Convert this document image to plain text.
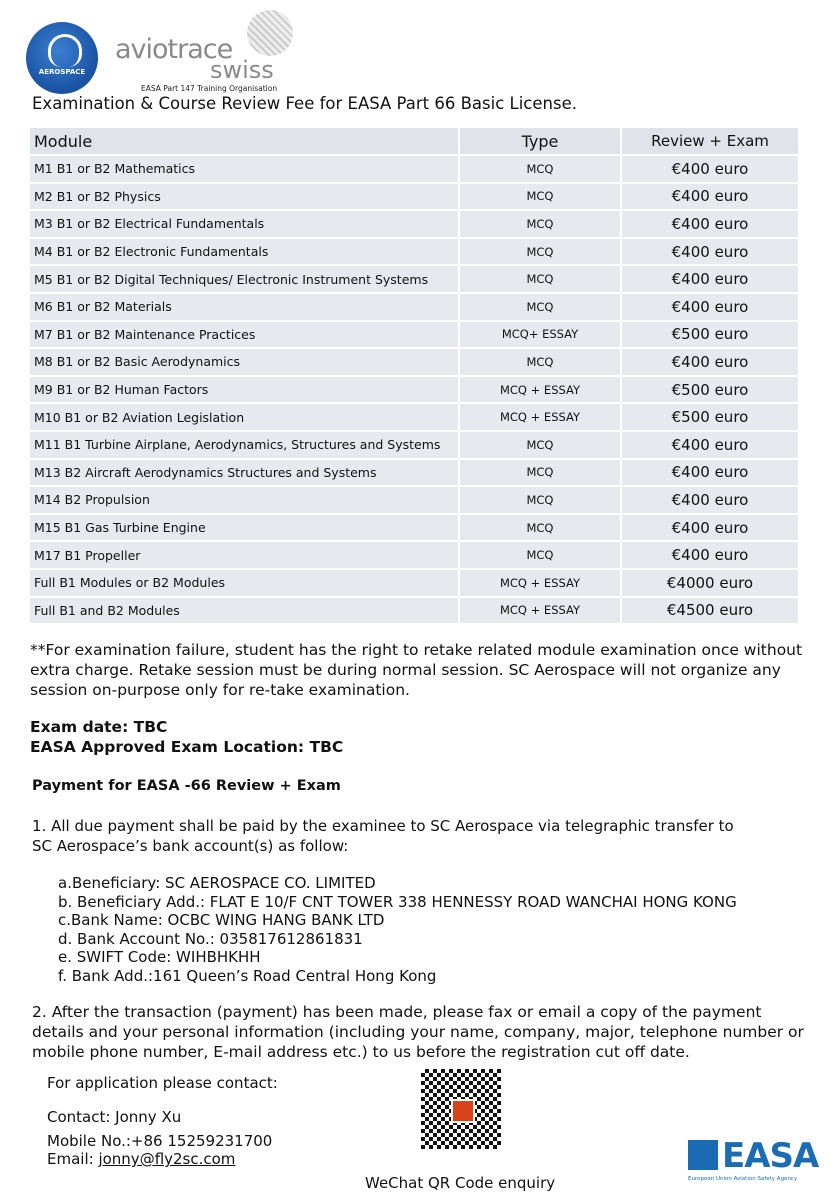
AEROSPACE
aviotrace
swiss
EASA Part 147 Training Organisation
Examination & Course Review Fee for EASA Part 66 Basic License.
Module	Type	Review + Exam
M1 B1 or B2 Mathematics	MCQ	€400 euro
M2 B1 or B2 Physics	MCQ	€400 euro
M3 B1 or B2 Electrical Fundamentals	MCQ	€400 euro
M4 B1 or B2 Electronic Fundamentals	MCQ	€400 euro
M5 B1 or B2 Digital Techniques/ Electronic Instrument Systems	MCQ	€400 euro
M6 B1 or B2 Materials	MCQ	€400 euro
M7 B1 or B2 Maintenance Practices	MCQ+ ESSAY	€500 euro
M8 B1 or B2 Basic Aerodynamics	MCQ	€400 euro
M9 B1 or B2 Human Factors	MCQ + ESSAY	€500 euro
M10 B1 or B2 Aviation Legislation	MCQ + ESSAY	€500 euro
M11 B1 Turbine Airplane, Aerodynamics, Structures and Systems	MCQ	€400 euro
M13 B2 Aircraft Aerodynamics Structures and Systems	MCQ	€400 euro
M14 B2 Propulsion	MCQ	€400 euro
M15 B1 Gas Turbine Engine	MCQ	€400 euro
M17 B1 Propeller	MCQ	€400 euro
Full B1 Modules or B2 Modules	MCQ + ESSAY	€4000 euro
Full B1 and B2 Modules	MCQ + ESSAY	€4500 euro
**For examination failure, student has the right to retake related module examination once without extra charge. Retake session must be during normal session. SC Aerospace will not organize any session on-purpose only for re-take examination.
Exam date: TBC
EASA Approved Exam Location: TBC
Payment for EASA -66 Review + Exam
1. All due payment shall be paid by the examinee to SC Aerospace via telegraphic transfer to SC Aerospace’s bank account(s) as follow:
a.Beneficiary: SC AEROSPACE CO. LIMITED
b. Beneficiary Add.: FLAT E 10/F CNT TOWER 338 HENNESSY ROAD WANCHAI HONG KONG
c.Bank Name: OCBC WING HANG BANK LTD
d. Bank Account No.: 035817612861831
e. SWIFT Code: WIHBHKHH
f. Bank Add.:161 Queen’s Road Central Hong Kong
2. After the transaction (payment) has been made, please fax or email a copy of the payment details and your personal information (including your name, company, major, telephone number or mobile phone number, E-mail address etc.) to us before the registration cut off date.
For application please contact:
Contact: Jonny Xu
Mobile No.:+86 15259231700
Email: jonny@fly2sc.com
WeChat QR Code enquiry
EASA
European Union Aviation Safety Agency
